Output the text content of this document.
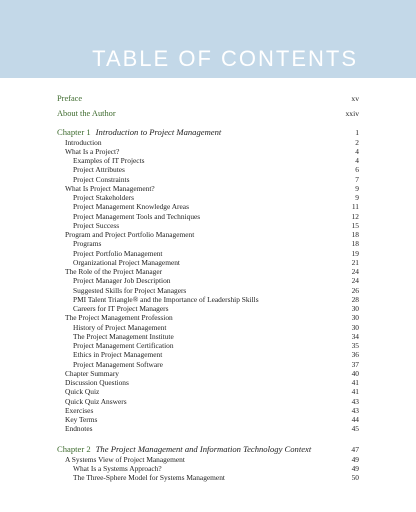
TABLE OF CONTENTS
Preface	xv
About the Author	xxiv
Chapter 1 Introduction to Project Management	1
Introduction	2
What Is a Project?	4
Examples of IT Projects	4
Project Attributes	6
Project Constraints	7
What Is Project Management?	9
Project Stakeholders	9
Project Management Knowledge Areas	11
Project Management Tools and Techniques	12
Project Success	15
Program and Project Portfolio Management	18
Programs	18
Project Portfolio Management	19
Organizational Project Management	21
The Role of the Project Manager	24
Project Manager Job Description	24
Suggested Skills for Project Managers	26
PMI Talent Triangle® and the Importance of Leadership Skills	28
Careers for IT Project Managers	30
The Project Management Profession	30
History of Project Management	30
The Project Management Institute	34
Project Management Certification	35
Ethics in Project Management	36
Project Management Software	37
Chapter Summary	40
Discussion Questions	41
Quick Quiz	41
Quick Quiz Answers	43
Exercises	43
Key Terms	44
Endnotes	45
Chapter 2 The Project Management and Information Technology Context	47
A Systems View of Project Management	49
What Is a Systems Approach?	49
The Three-Sphere Model for Systems Management	50
